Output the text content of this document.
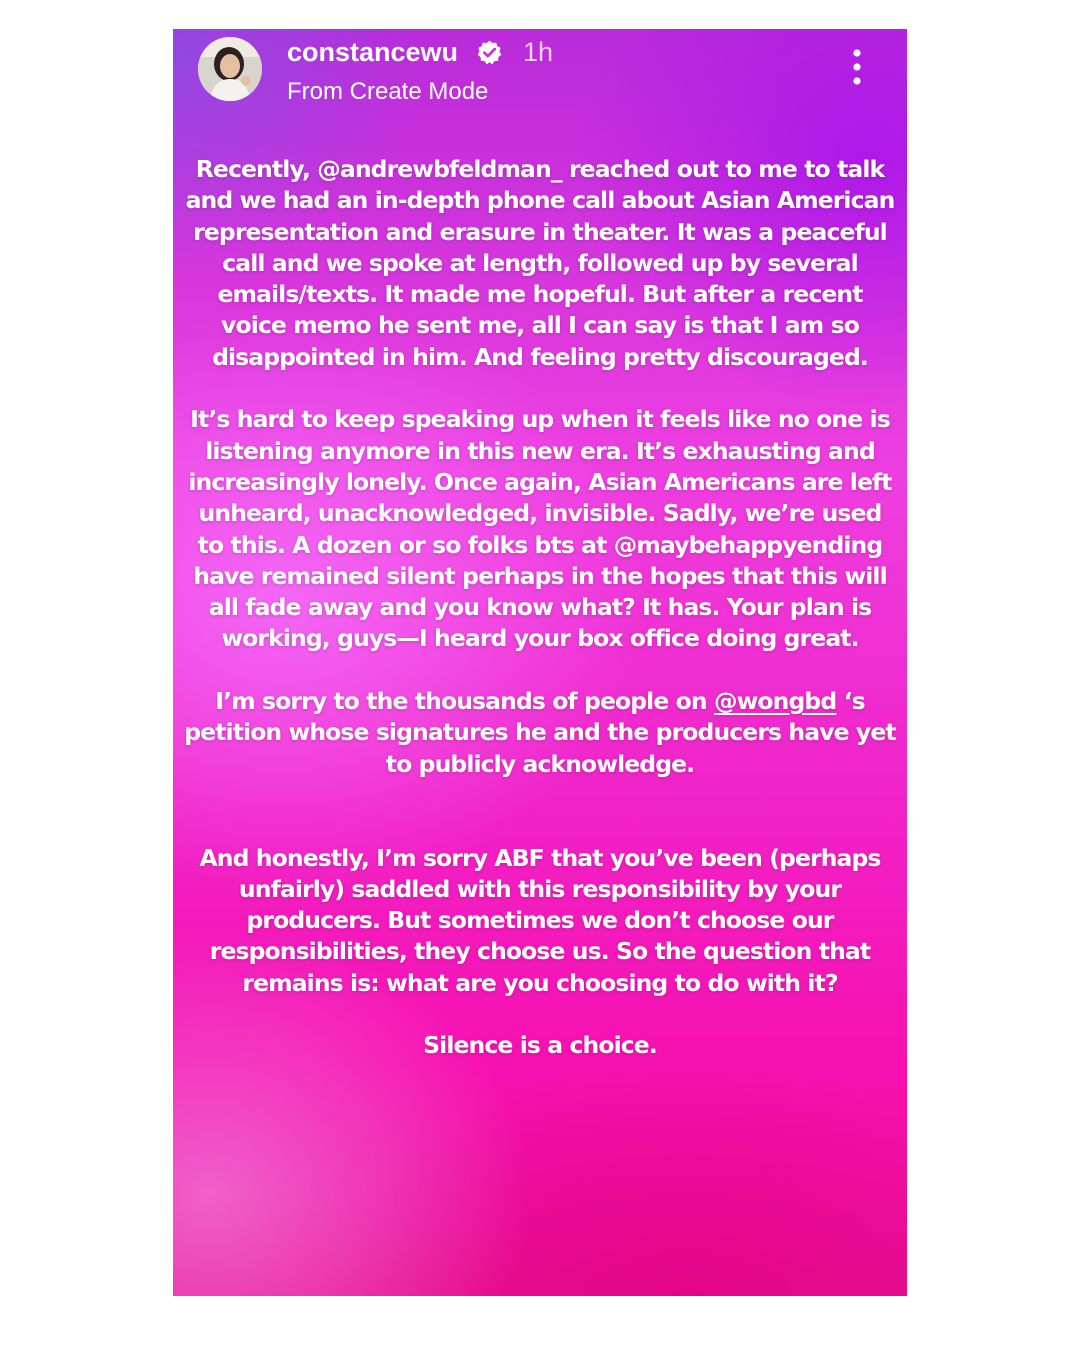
constancewu 1h
From Create Mode

Recently, @andrewbfeldman_ reached out to me to talk and we had an in-depth phone call about Asian American representation and erasure in theater. It was a peaceful call and we spoke at length, followed up by several emails/texts. It made me hopeful. But after a recent voice memo he sent me, all I can say is that I am so disappointed in him. And feeling pretty discouraged.

It’s hard to keep speaking up when it feels like no one is listening anymore in this new era. It’s exhausting and increasingly lonely. Once again, Asian Americans are left unheard, unacknowledged, invisible. Sadly, we’re used to this. A dozen or so folks bts at @maybehappyending have remained silent perhaps in the hopes that this will all fade away and you know what? It has. Your plan is working, guys—I heard your box office doing great.

I’m sorry to the thousands of people on @wongbd ‘s petition whose signatures he and the producers have yet to publicly acknowledge.

And honestly, I’m sorry ABF that you’ve been (perhaps unfairly) saddled with this responsibility by your producers. But sometimes we don’t choose our responsibilities, they choose us. So the question that remains is: what are you choosing to do with it?

Silence is a choice.
